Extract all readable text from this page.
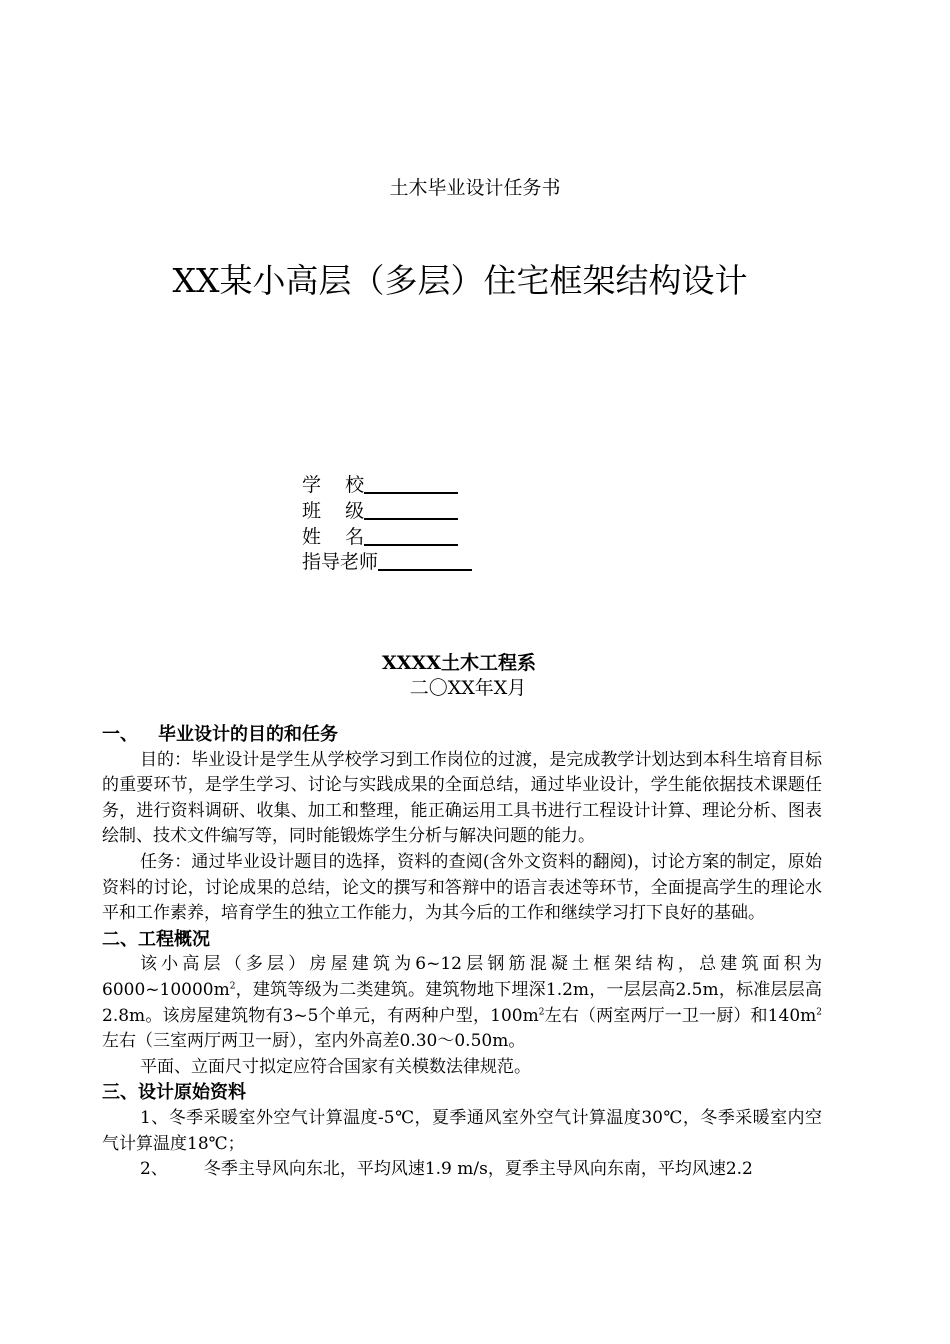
土木毕业设计任务书
XX某小高层（多层）住宅框架结构设计
学    校
班    级
姓    名
指导老师
XXXX土木工程系
二〇XX年X月
一、 毕业设计的目的和任务

目的：毕业设计是学生从学校学习到工作岗位的过渡，是完成教学计划达到本科生培育目标的重要环节，是学生学习、讨论与实践成果的全面总结，通过毕业设计，学生能依据技术课题任务，进行资料调研、收集、加工和整理，能正确运用工具书进行工程设计计算、理论分析、图表绘制、技术文件编写等，同时能锻炼学生分析与解决问题的能力。

任务：通过毕业设计题目的选择，资料的查阅(含外文资料的翻阅)，讨论方案的制定，原始资料的讨论，讨论成果的总结，论文的撰写和答辩中的语言表述等环节，全面提高学生的理论水平和工作素养，培育学生的独立工作能力，为其今后的工作和继续学习打下良好的基础。

二、工程概况

该小高层（多层）房屋建筑为6~12层钢筋混凝土框架结构，总建筑面积为$6000\sim 10000m^2$，建筑等级为二类建筑。建筑物地下埋深1.2m，一层层高2.5m，标准层层高2.8m。该房屋建筑物有3~5个单元，有两种户型，$100m^2$左右（两室两厅一卫一厨）和$140m^2$左右（三室两厅两卫一厨），室内外高差0.30～0.50m。

平面、立面尺寸拟定应符合国家有关模数法律规范。

三、设计原始资料

1、冬季采暖室外空气计算温度-5℃，夏季通风室外空气计算温度30℃，冬季采暖室内空气计算温度18℃；

2、 冬季主导风向东北，平均风速1.9 m/s，夏季主导风向东南，平均风速2.2
